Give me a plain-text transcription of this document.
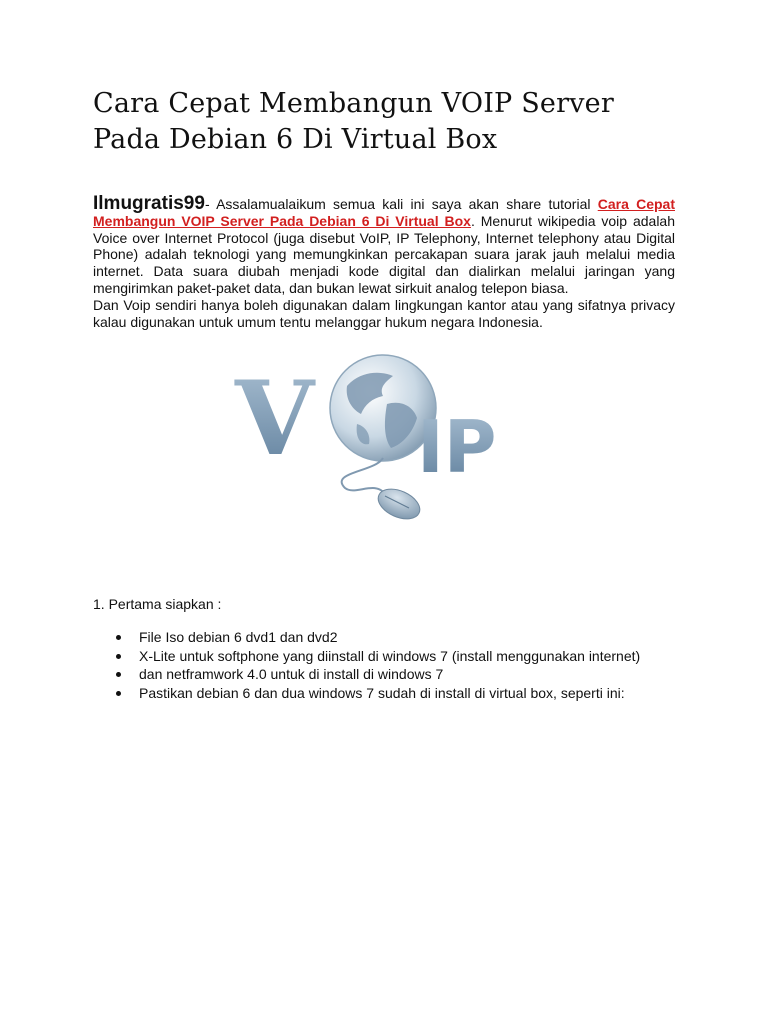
Cara Cepat Membangun VOIP Server Pada Debian 6 Di Virtual Box

Ilmugratis99- Assalamualaikum semua kali ini saya akan share tutorial Cara Cepat Membangun VOIP Server Pada Debian 6 Di Virtual Box. Menurut wikipedia voip adalah Voice over Internet Protocol (juga disebut VoIP, IP Telephony, Internet telephony atau Digital Phone) adalah teknologi yang memungkinkan percakapan suara jarak jauh melalui media internet. Data suara diubah menjadi kode digital dan dialirkan melalui jaringan yang mengirimkan paket-paket data, dan bukan lewat sirkuit analog telepon biasa.

Dan Voip sendiri hanya boleh digunakan dalam lingkungan kantor atau yang sifatnya privacy kalau digunakan untuk umum tentu melanggar hukum negara Indonesia.

V IP
1. Pertama siapkan :
File Iso debian 6 dvd1 dan dvd2
X-Lite untuk softphone yang diinstall di windows 7 (install menggunakan internet)
dan netframwork 4.0 untuk di install di windows 7
Pastikan debian 6 dan dua windows 7 sudah di install di virtual box, seperti ini:
